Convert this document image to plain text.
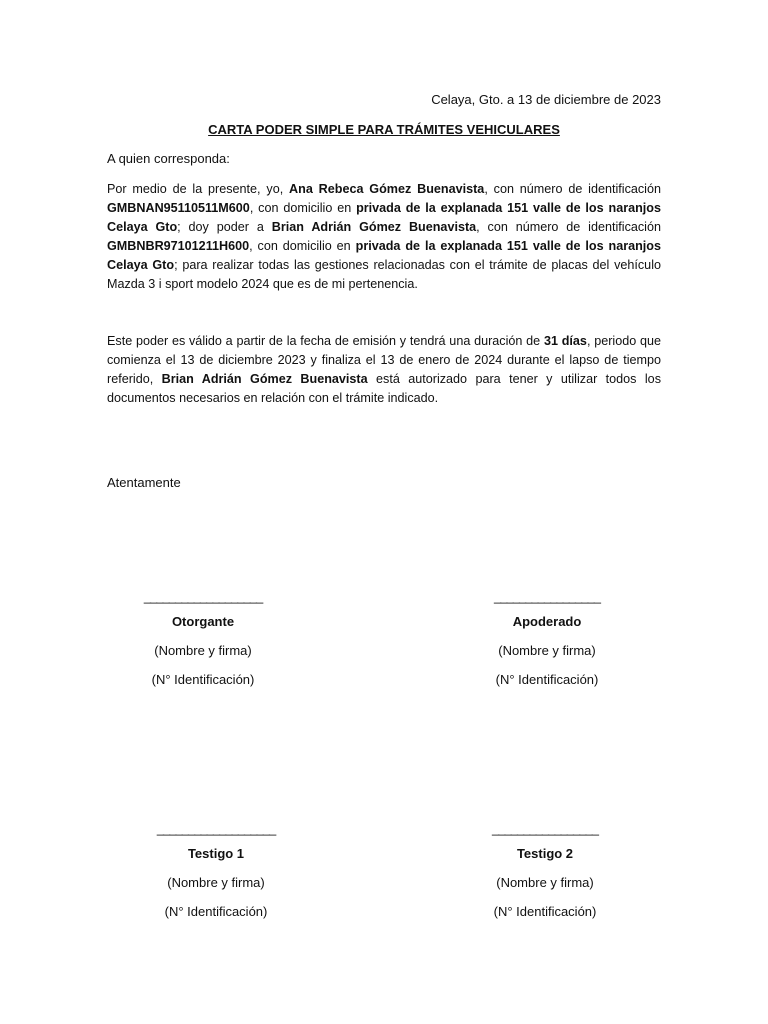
Celaya, Gto. a 13 de diciembre de 2023
CARTA PODER SIMPLE PARA TRÁMITES VEHICULARES
A quien corresponda:
Por medio de la presente, yo, Ana Rebeca Gómez Buenavista, con número de identificación GMBNAN95110511M600, con domicilio en privada de la explanada 151 valle de los naranjos Celaya Gto; doy poder a Brian Adrián Gómez Buenavista, con número de identificación GMBNBR97101211H600, con domicilio en privada de la explanada 151 valle de los naranjos Celaya Gto; para realizar todas las gestiones relacionadas con el trámite de placas del vehículo Mazda 3 i sport modelo 2024 que es de mi pertenencia.
Este poder es válido a partir de la fecha de emisión y tendrá una duración de 31 días, periodo que comienza el 13 de diciembre 2023 y finaliza el 13 de enero de 2024 durante el lapso de tiempo referido, Brian Adrián Gómez Buenavista está autorizado para tener y utilizar todos los documentos necesarios en relación con el trámite indicado.
Atentamente
___________________
Otorgante
(Nombre y firma)
(N° Identificación)
_________________
Apoderado
(Nombre y firma)
(N° Identificación)
___________________
Testigo 1
(Nombre y firma)
(N° Identificación)
_________________
Testigo 2
(Nombre y firma)
(N° Identificación)
